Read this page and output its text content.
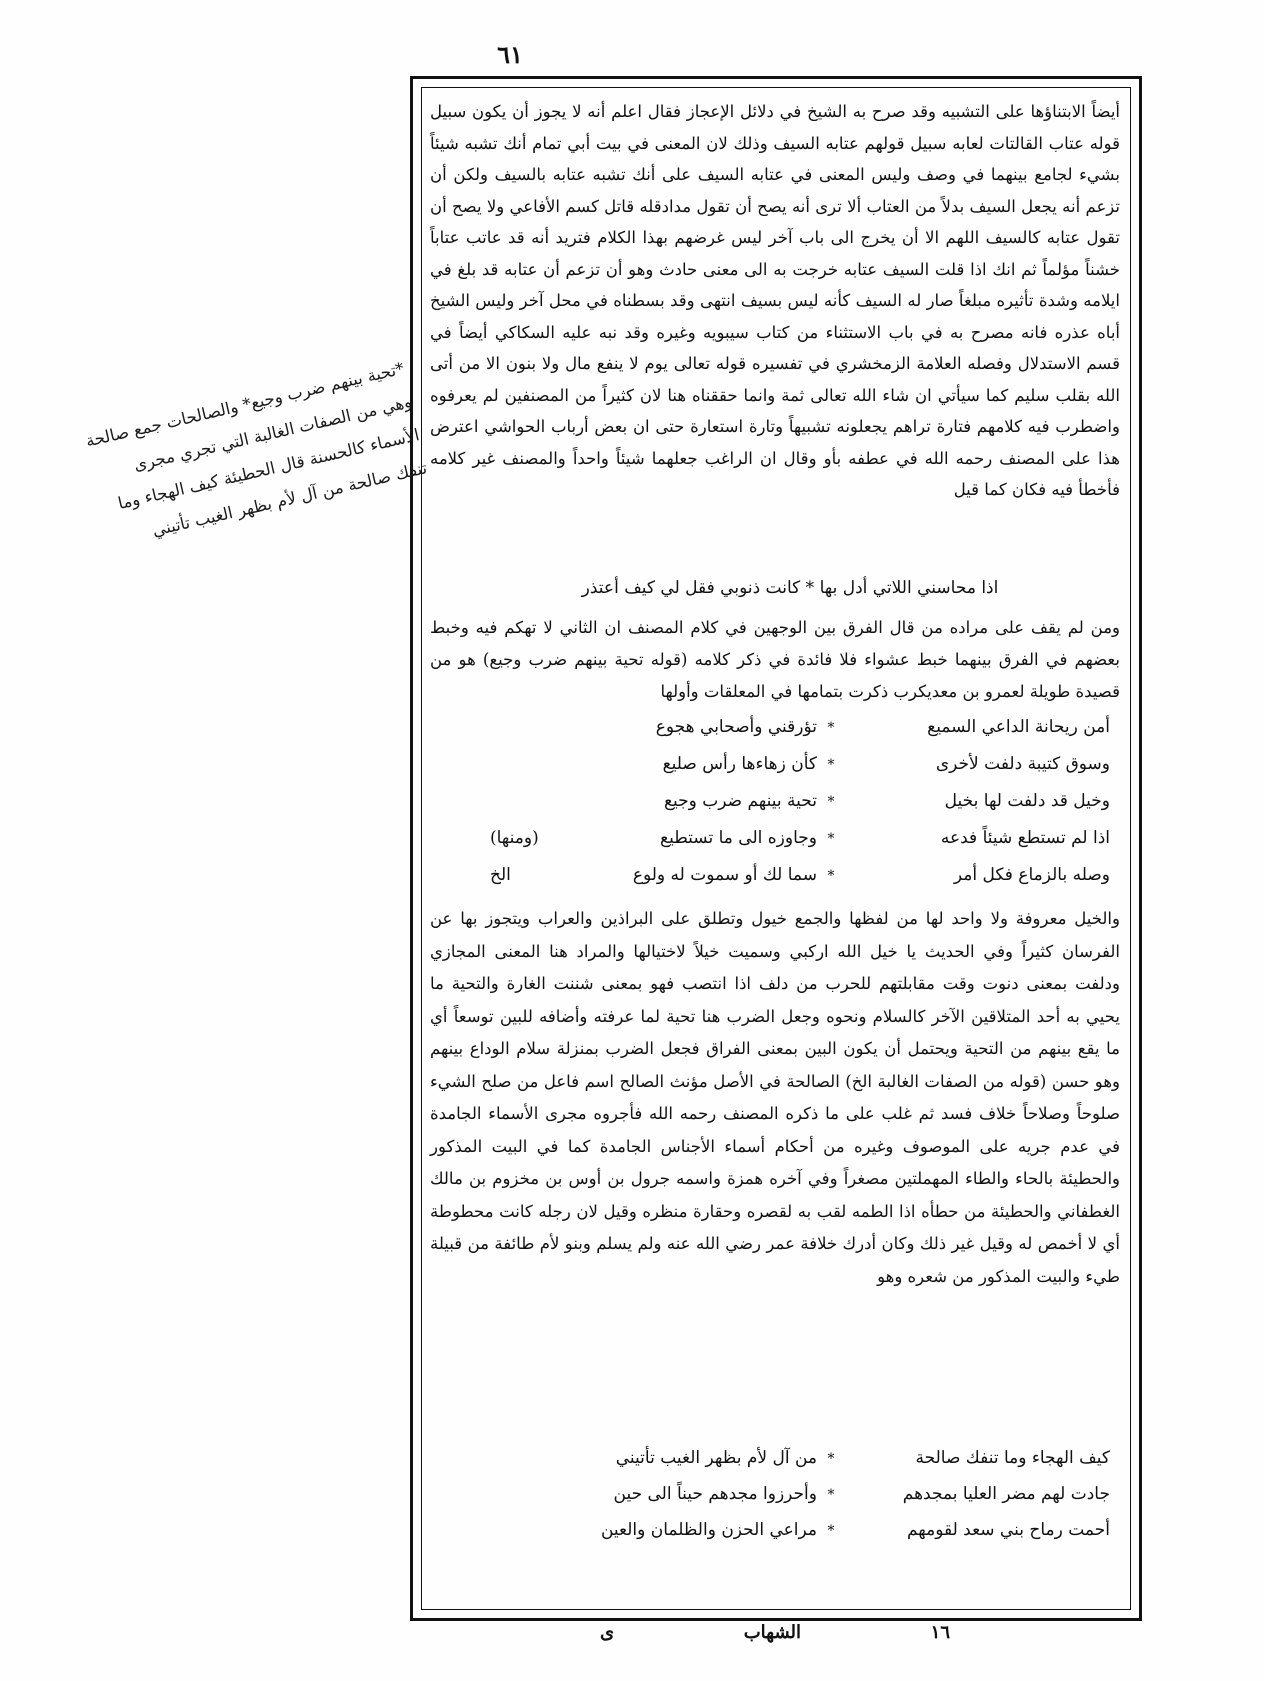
٦١

أيضاً الابتناؤها على التشبيه وقد صرح به الشيخ في دلائل الإعجاز فقال اعلم أنه لا يجوز أن يكون سبيل قوله عتاب القالتات لعابه سبيل قولهم عتابه السيف وذلك لان المعنى في بيت أبي تمام أنك تشبه شيئاً بشيء لجامع بينهما في وصف وليس المعنى في عتابه السيف على أنك تشبه عتابه بالسيف ولكن أن تزعم أنه يجعل السيف بدلاً من العتاب ألا ترى أنه يصح أن تقول مدادقله قاتل كسم الأفاعي ولا يصح أن تقول عتابه كالسيف اللهم الا أن يخرج الى باب آخر ليس غرضهم بهذا الكلام فتريد أنه قد عاتب عتاباً خشناً مؤلماً ثم انك اذا قلت السيف عتابه خرجت به الى معنى حادث وهو أن تزعم أن عتابه قد بلغ في ايلامه وشدة تأثيره مبلغاً صار له السيف كأنه ليس بسيف انتهى وقد بسطناه في محل آخر وليس الشيخ أباه عذره فانه مصرح به في باب الاستثناء من كتاب سيبويه وغيره وقد نبه عليه السكاكي أيضاً في قسم الاستدلال وفصله العلامة الزمخشري في تفسيره قوله تعالى يوم لا ينفع مال ولا بنون الا من أتى الله بقلب سليم كما سيأتي ان شاء الله تعالى ثمة وانما حققناه هنا لان كثيراً من المصنفين لم يعرفوه واضطرب فيه كلامهم فتارة تراهم يجعلونه تشبيهاً وتارة استعارة حتى ان بعض أرباب الحواشي اعترض هذا على المصنف رحمه الله في عطفه بأو وقال ان الراغب جعلهما شيئاً واحداً والمصنف غير كلامه فأخطأ فيه فكان كما قيل

اذا محاسني اللاتي أدل بها * كانت ذنوبي فقل لي كيف أعتذر

ومن لم يقف على مراده من قال الفرق بين الوجهين في كلام المصنف ان الثاني لا تهكم فيه وخبط بعضهم في الفرق بينهما خبط عشواء فلا فائدة في ذكر كلامه (قوله تحية بينهم ضرب وجيع) هو من قصيدة طويلة لعمرو بن معديكرب ذكرت بتمامها في المعلقات وأولها

أمن ريحانة الداعي السميع
*
تؤرقني وأصحابي هجوع
وسوق كتيبة دلفت لأخرى
*
كأن زهاءها رأس صليع
وخيل قد دلفت لها بخيل
*
تحية بينهم ضرب وجيع
اذا لم تستطع شيئاً فدعه
*
وجاوزه الى ما تستطيع
(ومنها)
وصله بالزماع فكل أمر
*
سما لك أو سموت له ولوع
الخ

والخيل معروفة ولا واحد لها من لفظها والجمع خيول وتطلق على البراذين والعراب ويتجوز بها عن الفرسان كثيراً وفي الحديث يا خيل الله اركبي وسميت خيلاً لاختيالها والمراد هنا المعنى المجازي ودلفت بمعنى دنوت وقت مقابلتهم للحرب من دلف اذا انتصب فهو بمعنى شننت الغارة والتحية ما يحيي به أحد المتلاقين الآخر كالسلام ونحوه وجعل الضرب هنا تحية لما عرفته وأضافه للبين توسعاً أي ما يقع بينهم من التحية ويحتمل أن يكون البين بمعنى الفراق فجعل الضرب بمنزلة سلام الوداع بينهم وهو حسن (قوله من الصفات الغالبة الخ) الصالحة في الأصل مؤنث الصالح اسم فاعل من صلح الشيء صلوحاً وصلاحاً خلاف فسد ثم غلب على ما ذكره المصنف رحمه الله فأجروه مجرى الأسماء الجامدة في عدم جريه على الموصوف وغيره من أحكام أسماء الأجناس الجامدة كما في البيت المذكور والحطيئة بالحاء والطاء المهملتين مصغراً وفي آخره همزة واسمه جرول بن أوس بن مخزوم بن مالك الغطفاني والحطيئة من حطأه اذا الطمه لقب به لقصره وحقارة منظره وقيل لان رجله كانت محطوطة أي لا أخمص له وقيل غير ذلك وكان أدرك خلافة عمر رضي الله عنه ولم يسلم وبنو لأم طائفة من قبيلة طيء والبيت المذكور من شعره وهو

كيف الهجاء وما تنفك صالحة
*
من آل لأم بظهر الغيب تأتيني
جادت لهم مضر العليا بمجدهم
*
وأحرزوا مجدهم حيناً الى حين
أحمت رماح بني سعد لقومهم
*
مراعي الحزن والظلمان والعين
*تحية بينهم ضرب وجيع* والصالحات جمع صالحة وهي من الصفات الغالبة التي تجري مجرى الأسماء كالحسنة قال الحطيئة كيف الهجاء وما تنفك صالحة من آل لأم بظهر الغيب تأتيني
١٦
الشهاب
ى
